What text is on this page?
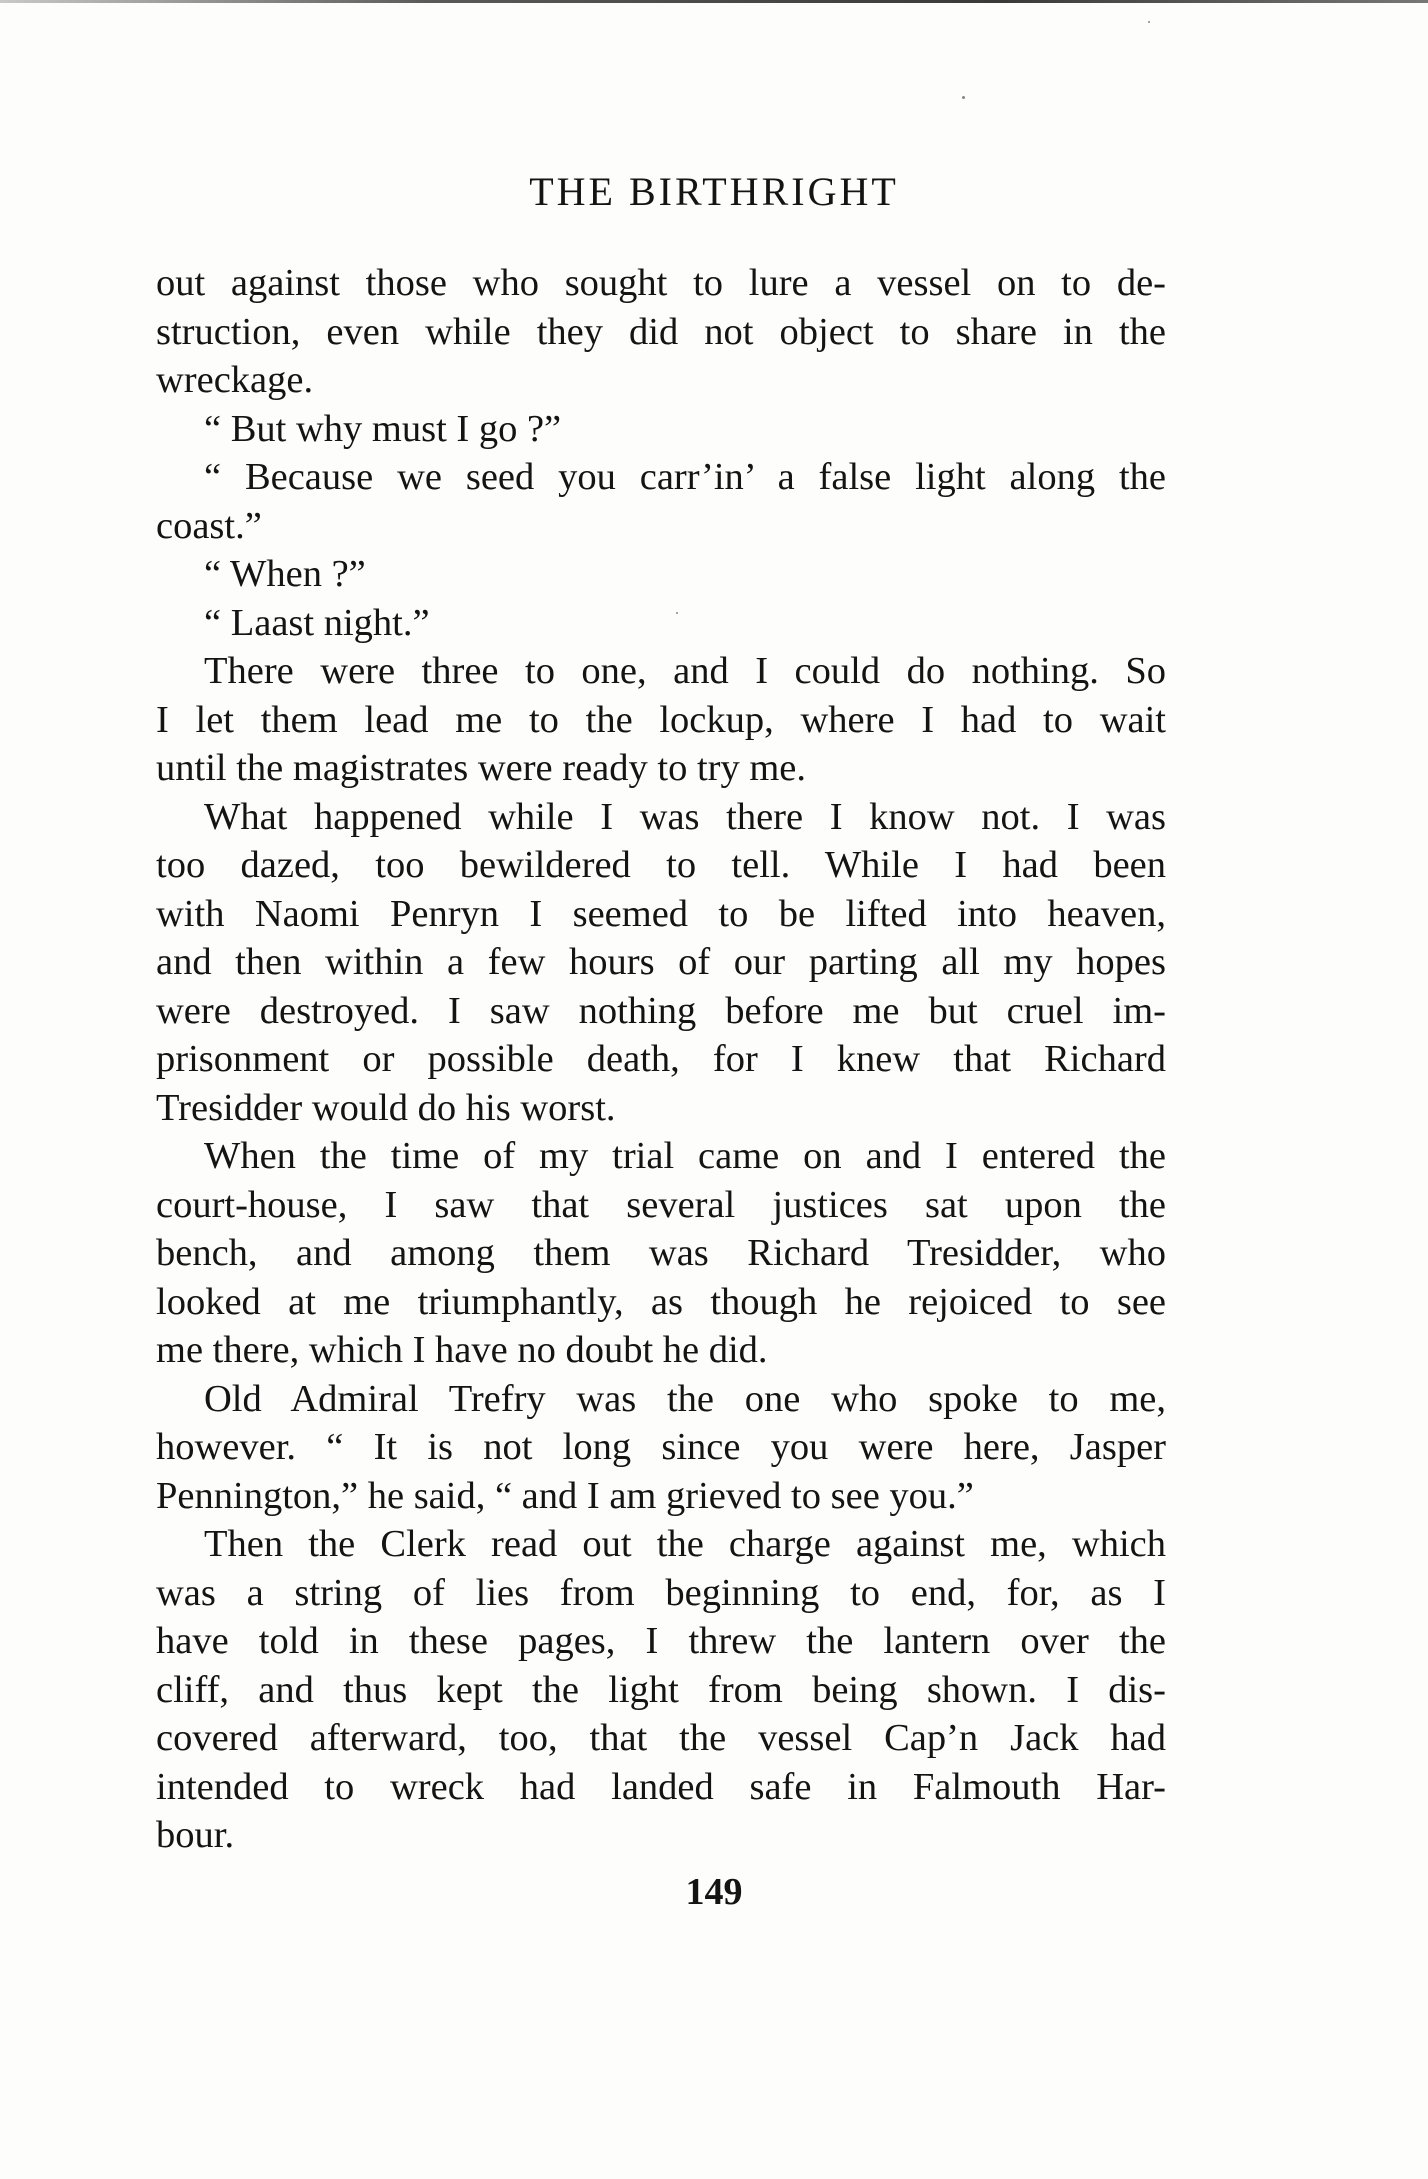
THE BIRTHRIGHT
out against those who sought to lure a vessel on to de-
struction, even while they did not object to share in the
wreckage.
“ But why must I go ?”
“ Because we seed you carr’in’ a false light along the
coast.”
“ When ?”
“ Laast night.”
There were three to one, and I could do nothing. So
I let them lead me to the lockup, where I had to wait
until the magistrates were ready to try me.
What happened while I was there I know not. I was
too dazed, too bewildered to tell. While I had been
with Naomi Penryn I seemed to be lifted into heaven,
and then within a few hours of our parting all my hopes
were destroyed. I saw nothing before me but cruel im-
prisonment or possible death, for I knew that Richard
Tresidder would do his worst.
When the time of my trial came on and I entered the
court-house, I saw that several justices sat upon the
bench, and among them was Richard Tresidder, who
looked at me triumphantly, as though he rejoiced to see
me there, which I have no doubt he did.
Old Admiral Trefry was the one who spoke to me,
however. “ It is not long since you were here, Jasper
Pennington,” he said, “ and I am grieved to see you.”
Then the Clerk read out the charge against me, which
was a string of lies from beginning to end, for, as I
have told in these pages, I threw the lantern over the
cliff, and thus kept the light from being shown. I dis-
covered afterward, too, that the vessel Cap’n Jack had
intended to wreck had landed safe in Falmouth Har-
bour.
149
